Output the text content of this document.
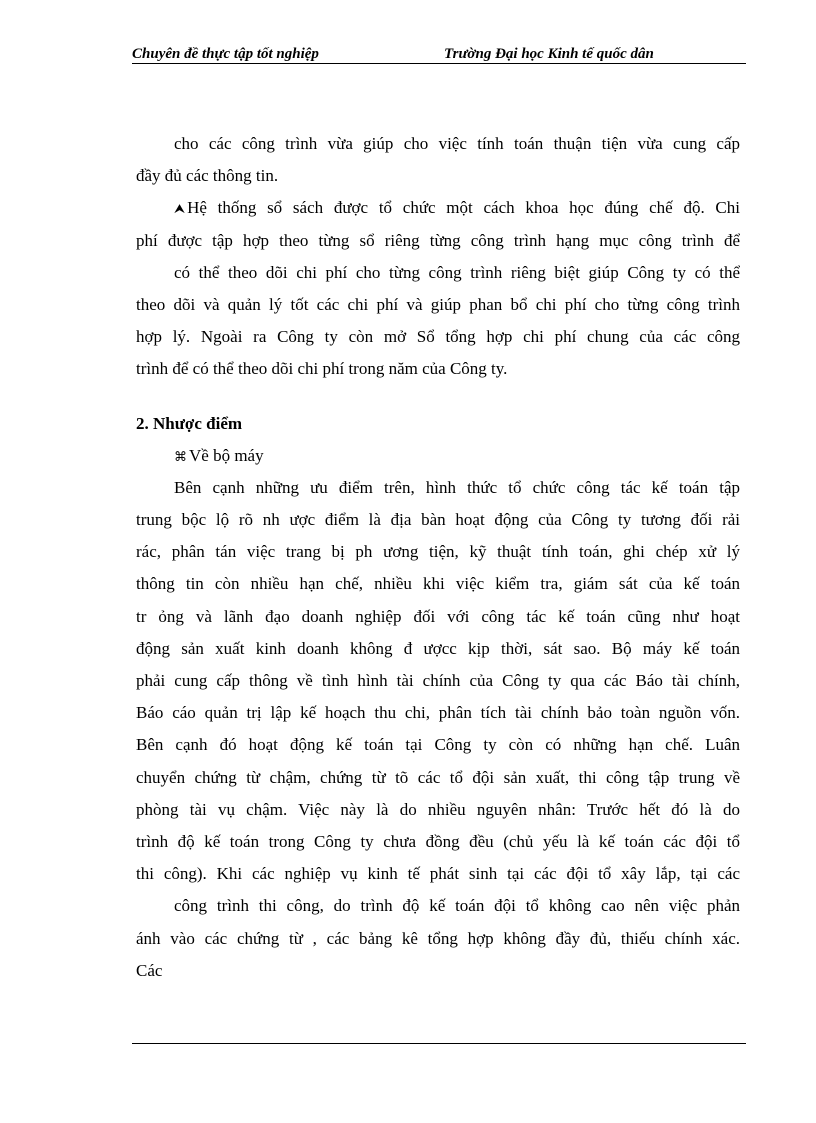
Chuyên đề thực tập tốt nghiệp	Trường Đại học Kinh tế quốc dân
cho các công trình vừa giúp cho việc tính toán thuận tiện vừa cung cấp
đầy đủ các thông tin.
⮝ Hệ thống sổ sách được tổ chức một cách khoa học đúng chế độ. Chi
phí được tập hợp theo từng sổ riêng từng công trình hạng mục công trình để
có thể theo dõi chi phí cho từng công trình riêng biệt giúp Công ty có thể
theo dõi và quản lý tốt các chi phí và giúp phan bổ chi phí cho từng công trình
hợp lý. Ngoài ra Công ty còn mở Sổ tổng hợp chi phí chung của các công
trình để có thể theo dõi chi phí trong năm của Công ty.
2. Nhược điểm
⌘ Về bộ máy
Bên cạnh những ưu điểm trên, hình thức tổ chức công tác kế toán tập
trung bộc lộ rõ nh ược điểm là địa bàn hoạt động của Công ty tương đối rải
rác, phân tán việc trang bị ph ương tiện, kỹ thuật tính toán, ghi chép xử lý
thông tin còn nhiều hạn chế, nhiều khi việc kiểm tra, giám sát của kế toán
tr ỏng và lãnh đạo doanh nghiệp đối với công tác kế toán cũng như hoạt
động sản xuất kinh doanh không đ ượcc kịp thời, sát sao. Bộ máy kế toán
phải cung cấp thông về tình hình tài chính của Công ty qua các Báo tài chính,
Báo cáo quản trị lập kế hoạch thu chi, phân tích tài chính bảo toàn nguồn vốn.
Bên cạnh đó hoạt động kế toán tại Công ty còn có những hạn chế. Luân
chuyển chứng từ chậm, chứng từ tõ các tổ đội sản xuất, thi công tập trung về
phòng tài vụ chậm. Việc này là do nhiều nguyên nhân: Trước hết đó là do
trình độ kế toán trong Công ty chưa đồng đều (chủ yếu là kế toán các đội tổ
thi công). Khi các nghiệp vụ kinh tế phát sinh tại các đội tổ xây lắp, tại các
công trình thi công, do trình độ kế toán đội tổ không cao nên việc phản
ánh vào các chứng từ , các bảng kê tổng hợp không đầy đủ, thiếu chính xác.
Các
